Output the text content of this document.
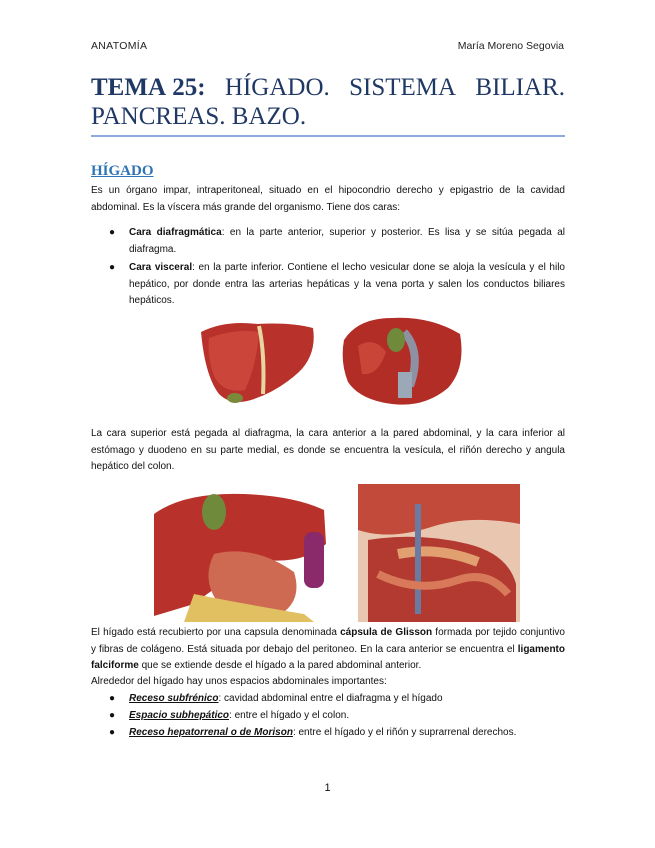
ANATOMÍA	María Moreno Segovia
TEMA 25: HÍGADO. SISTEMA BILIAR.
PANCREAS. BAZO.
HÍGADO
Es un órgano impar, intraperitoneal, situado en el hipocondrio derecho y epigastrio de la cavidad abdominal. Es la víscera más grande del organismo. Tiene dos caras:
● Cara diafragmática: en la parte anterior, superior y posterior. Es lisa y se sitúa pegada al diafragma.
● Cara visceral: en la parte inferior. Contiene el lecho vesicular done se aloja la vesícula y el hilo hepático, por donde entra las arterias hepáticas y la vena porta y salen los conductos biliares hepáticos.
La cara superior está pegada al diafragma, la cara anterior a la pared abdominal, y la cara inferior al estómago y duodeno en su parte medial, es donde se encuentra la vesícula, el riñón derecho y angula hepático del colon.
El hígado está recubierto por una capsula denominada cápsula de Glisson formada por tejido conjuntivo y fibras de colágeno. Está situada por debajo del peritoneo. En la cara anterior se encuentra el ligamento falciforme que se extiende desde el hígado a la pared abdominal anterior.
Alrededor del hígado hay unos espacios abdominales importantes:
● Receso subfrénico: cavidad abdominal entre el diafragma y el hígado
● Espacio subhepático: entre el hígado y el colon.
● Receso hepatorrenal o de Morison: entre el hígado y el riñón y suprarrenal derechos.
1
